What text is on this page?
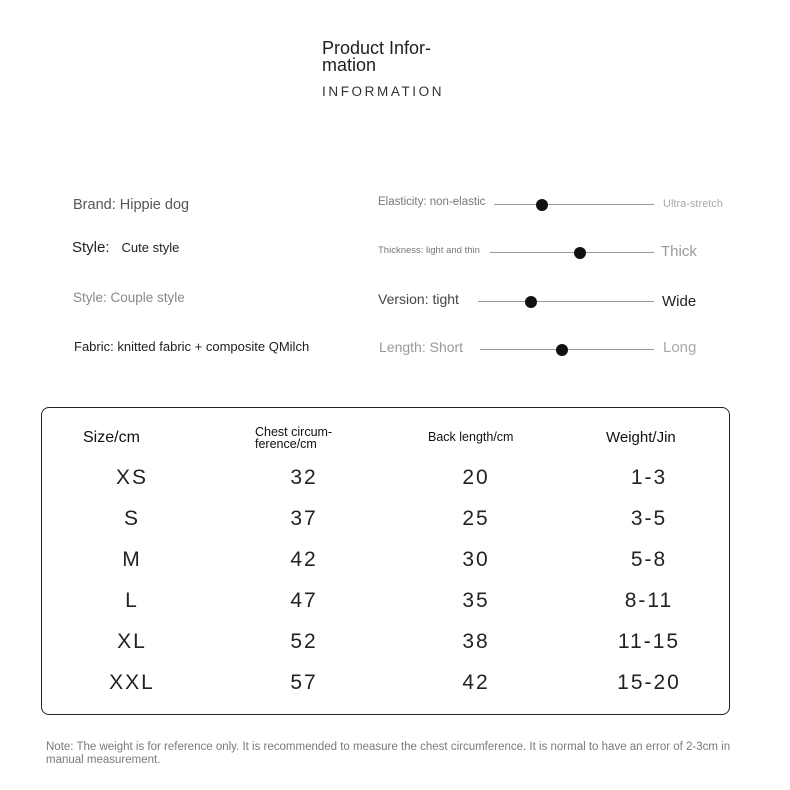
Product Infor-mation
INFORMATION
Brand: Hippie dog
Style: Cute style
Style: Couple style
Fabric: knitted fabric + composite QMilch
Elasticity: non-elastic	Ultra-stretch
Thickness: light and thin	Thick
Version: tight	Wide
Length: Short	Long
Size/cm	Chest circum-ference/cm	Back length/cm	Weight/Jin
XS	32	20	1-3
S	37	25	3-5
M	42	30	5-8
L	47	35	8-11
XL	52	38	11-15
XXL	57	42	15-20
Note: The weight is for reference only. It is recommended to measure the chest circumference. It is normal to have an error of 2-3cm in manual measurement.
